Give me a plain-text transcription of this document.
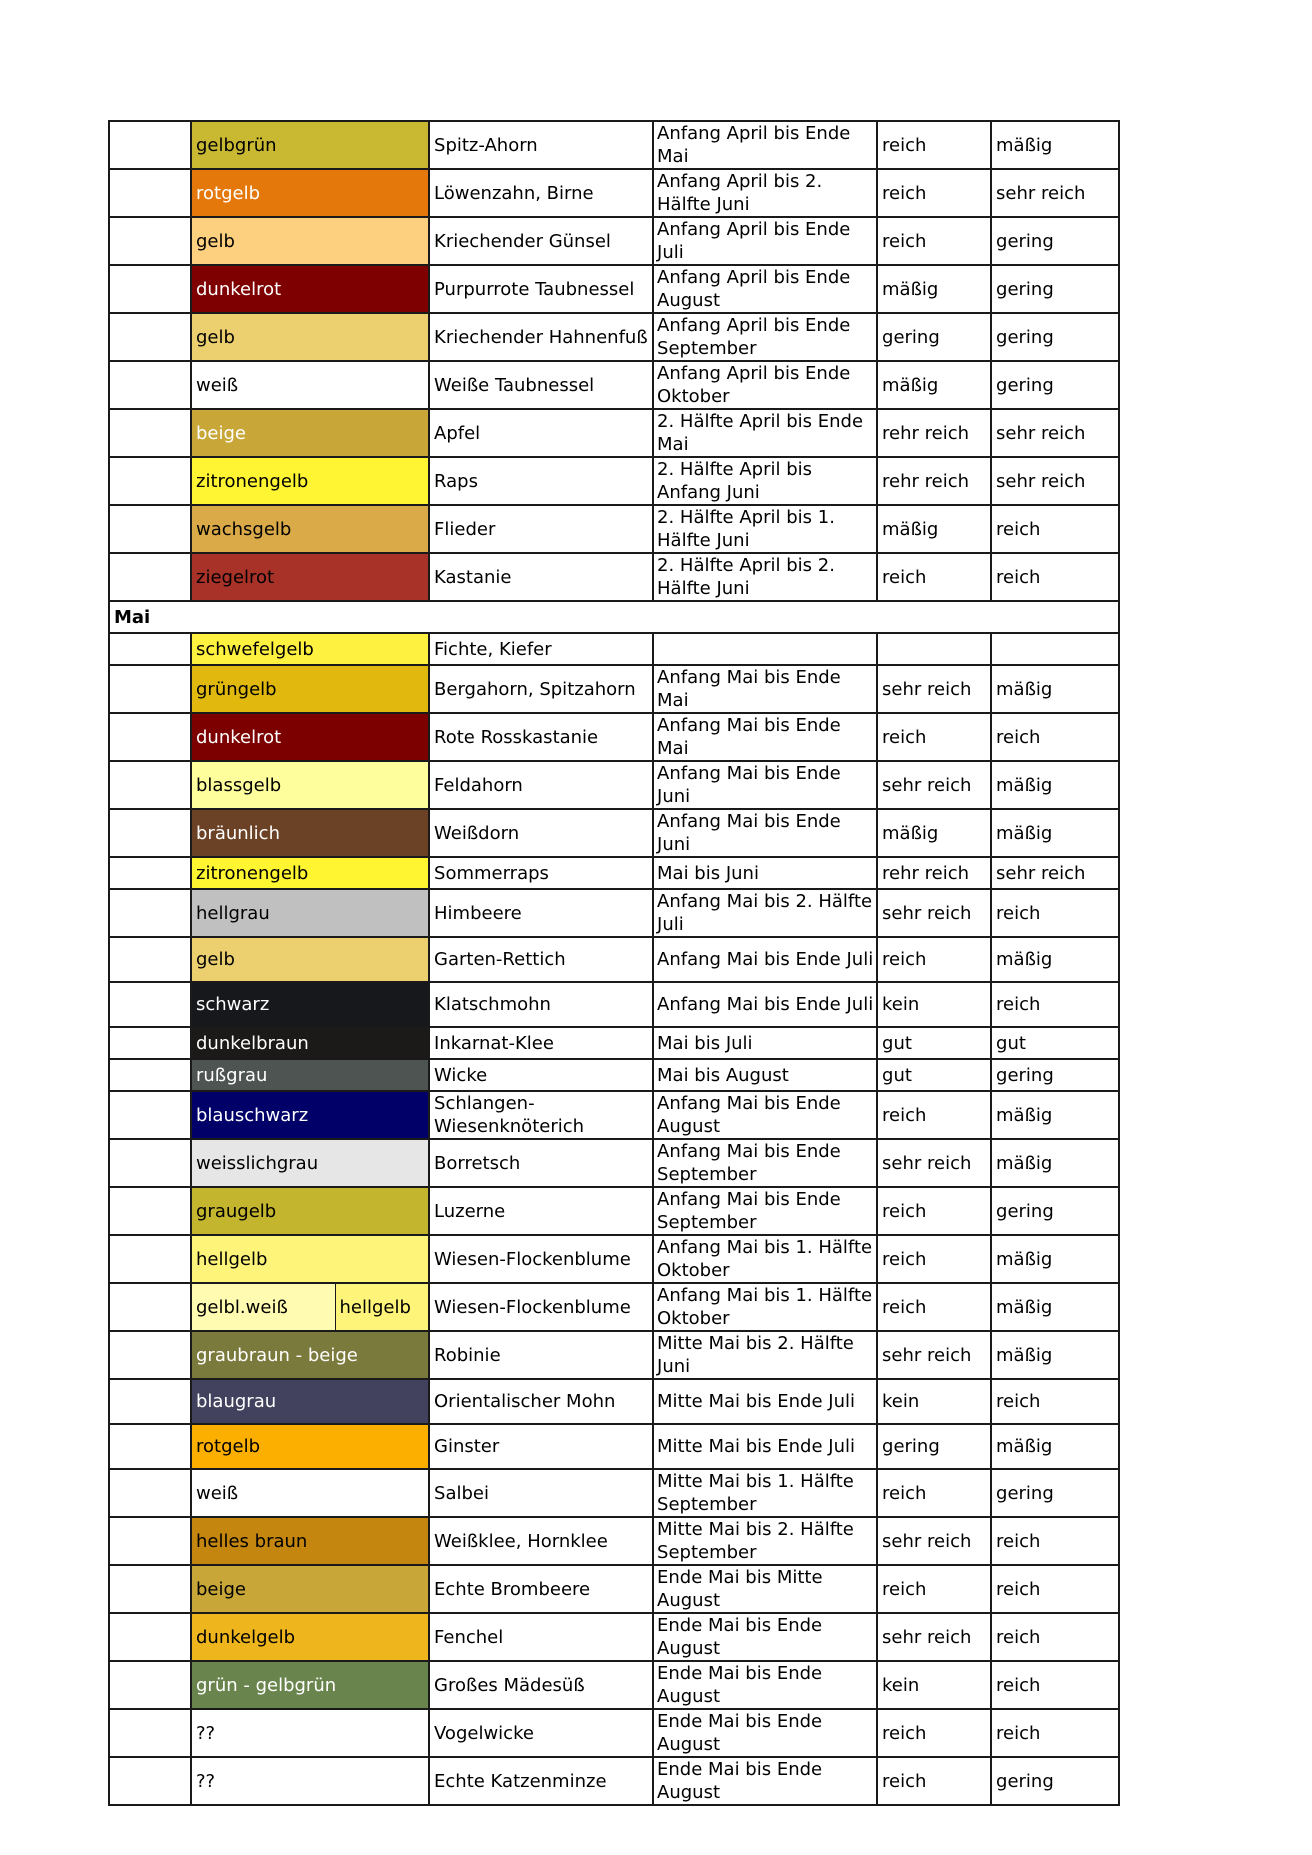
	gelbgrün		Spitz-Ahorn	Anfang April bis Ende Mai	reich	mäßig
	rotgelb		Löwenzahn, Birne	Anfang April bis 2. Hälfte Juni	reich	sehr reich
	gelb		Kriechender Günsel	Anfang April bis Ende Juli	reich	gering
	dunkelrot		Purpurrote Taubnessel	Anfang April bis Ende August	mäßig	gering
	gelb		Kriechender Hahnenfuß	Anfang April bis Ende September	gering	gering
	weiß		Weiße Taubnessel	Anfang April bis Ende Oktober	mäßig	gering
	beige		Apfel	2. Hälfte April bis Ende Mai	rehr reich	sehr reich
	zitronengelb		Raps	2. Hälfte April bis Anfang Juni	rehr reich	sehr reich
	wachsgelb		Flieder	2. Hälfte April bis 1. Hälfte Juni	mäßig	reich
	ziegelrot		Kastanie	2. Hälfte April bis 2. Hälfte Juni	reich	reich
Mai						
	schwefelgelb		Fichte, Kiefer			
	grüngelb		Bergahorn, Spitzahorn	Anfang Mai bis Ende Mai	sehr reich	mäßig
	dunkelrot		Rote Rosskastanie	Anfang Mai bis Ende Mai	reich	reich
	blassgelb		Feldahorn	Anfang Mai bis Ende Juni	sehr reich	mäßig
	bräunlich		Weißdorn	Anfang Mai bis Ende Juni	mäßig	mäßig
	zitronengelb		Sommerraps	Mai bis Juni	rehr reich	sehr reich
	hellgrau		Himbeere	Anfang Mai bis 2. Hälfte Juli	sehr reich	reich
	gelb		Garten-Rettich	Anfang Mai bis Ende Juli	reich	mäßig
	schwarz		Klatschmohn	Anfang Mai bis Ende Juli	kein	reich
	dunkelbraun		Inkarnat-Klee	Mai bis Juli	gut	gut
	rußgrau		Wicke	Mai bis August	gut	gering
	blauschwarz		Schlangen-Wiesenknöterich	Anfang Mai bis Ende August	reich	mäßig
	weisslichgrau		Borretsch	Anfang Mai bis Ende September	sehr reich	mäßig
	graugelb		Luzerne	Anfang Mai bis Ende September	reich	gering
	hellgelb		Wiesen-Flockenblume	Anfang Mai bis 1. Hälfte Oktober	reich	mäßig
	gelbl.weiß	hellgelb	Wiesen-Flockenblume	Anfang Mai bis 1. Hälfte Oktober	reich	mäßig
	graubraun - beige		Robinie	Mitte Mai bis 2. Hälfte Juni	sehr reich	mäßig
	blaugrau		Orientalischer Mohn	Mitte Mai bis Ende Juli	kein	reich
	rotgelb		Ginster	Mitte Mai bis Ende Juli	gering	mäßig
	weiß		Salbei	Mitte Mai bis 1. Hälfte September	reich	gering
	helles braun		Weißklee, Hornklee	Mitte Mai bis 2. Hälfte September	sehr reich	reich
	beige		Echte Brombeere	Ende Mai bis Mitte August	reich	reich
	dunkelgelb		Fenchel	Ende Mai bis Ende August	sehr reich	reich
	grün - gelbgrün		Großes Mädesüß	Ende Mai bis Ende August	kein	reich
	??		Vogelwicke	Ende Mai bis Ende August	reich	reich
	??		Echte Katzenminze	Ende Mai bis Ende August	reich	gering
